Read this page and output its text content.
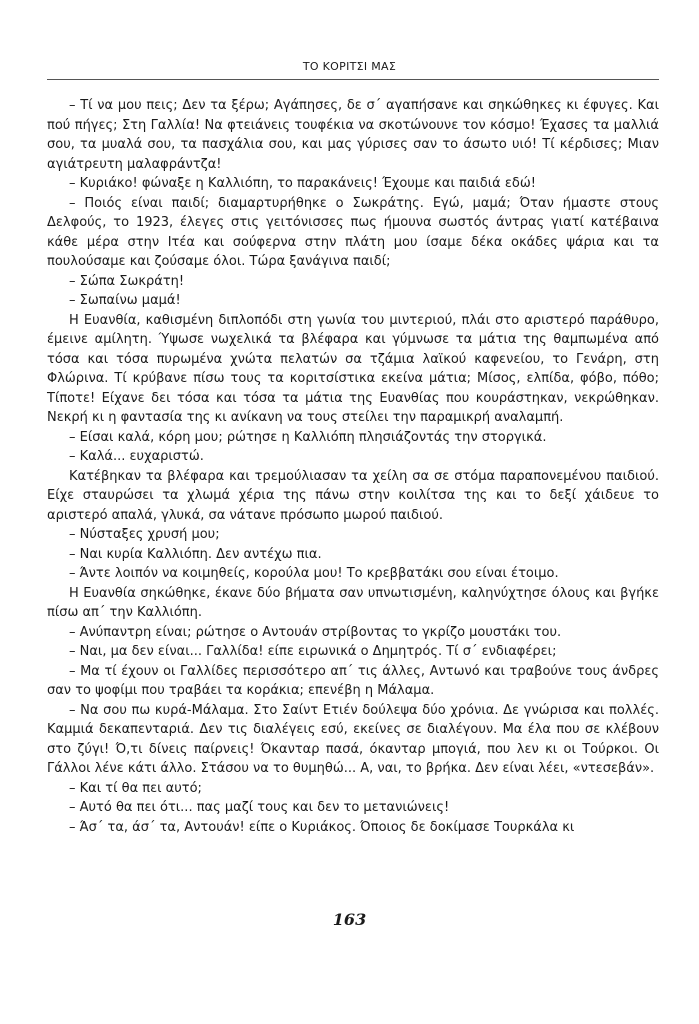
ΤΟ ΚΟΡΙΤΣΙ ΜΑΣ

– Τί να μου πεις; Δεν τα ξέρω; Αγάπησες, δε σ΄ αγαπήσανε και σηκώθηκες κι έφυγες. Και πού πήγες; Στη Γαλλία! Να φτειάνεις τουφέκια να σκοτώνουνε τον κόσμο! Έχασες τα μαλλιά σου, τα μυαλά σου, τα πασχάλια σου, και μας γύρισες σαν το άσωτο υιό! Τί κέρδισες; Μιαν αγιάτρευτη μαλαφράντζα!

– Κυριάκο! φώναξε η Καλλιόπη, το παρακάνεις! Έχουμε και παιδιά εδώ!

– Ποιός είναι παιδί; διαμαρτυρήθηκε ο Σωκράτης. Εγώ, μαμά; Όταν ήμαστε στους Δελφούς, το 1923, έλεγες στις γειτόνισσες πως ήμουνα σωστός άντρας γιατί κατέβαινα κάθε μέρα στην Ιτέα και σούφερνα στην πλάτη μου ίσαμε δέκα οκάδες ψάρια και τα πουλούσαμε και ζούσαμε όλοι. Τώρα ξανάγινα παιδί;

– Σώπα Σωκράτη!

– Σωπαίνω μαμά!

Η Ευανθία, καθισμένη διπλοπόδι στη γωνία του μιντεριού, πλάι στο αριστερό παράθυρο, έμεινε αμίλητη. Ύψωσε νωχελικά τα βλέφαρα και γύμνωσε τα μάτια της θαμπωμένα από τόσα και τόσα πυρωμένα χνώτα πελατών σα τζάμια λαϊκού καφενείου, το Γενάρη, στη Φλώρινα. Τί κρύβανε πίσω τους τα κοριτσίστικα εκείνα μάτια; Μίσος, ελπίδα, φόβο, πόθο; Τίποτε! Είχανε δει τόσα και τόσα τα μάτια της Ευανθίας που κουράστηκαν, νεκρώθηκαν. Νεκρή κι η φαντασία της κι ανίκανη να τους στείλει την παραμικρή αναλαμπή.

– Είσαι καλά, κόρη μου; ρώτησε η Καλλιόπη πλησιάζοντάς την στοργικά.

– Καλά... ευχαριστώ.

Κατέβηκαν τα βλέφαρα και τρεμούλιασαν τα χείλη σα σε στόμα παραπονεμένου παιδιού. Είχε σταυρώσει τα χλωμά χέρια της πάνω στην κοιλίτσα της και το δεξί χάιδευε το αριστερό απαλά, γλυκά, σα νάτανε πρόσωπο μωρού παιδιού.

– Νύσταξες χρυσή μου;

– Ναι κυρία Καλλιόπη. Δεν αντέχω πια.

– Άντε λοιπόν να κοιμηθείς, κορούλα μου! Το κρεββατάκι σου είναι έτοιμο.

Η Ευανθία σηκώθηκε, έκανε δύο βήματα σαν υπνωτισμένη, καληνύχτησε όλους και βγήκε πίσω απ΄ την Καλλιόπη.

– Ανύπαντρη είναι; ρώτησε ο Αντουάν στρίβοντας το γκρίζο μουστάκι του.

– Ναι, μα δεν είναι... Γαλλίδα! είπε ειρωνικά ο Δημητρός. Τί σ΄ ενδιαφέρει;

– Μα τί έχουν οι Γαλλίδες περισσότερο απ΄ τις άλλες, Αντωνό και τραβούνε τους άνδρες σαν το ψοφίμι που τραβάει τα κοράκια; επενέβη η Μάλαμα.

– Να σου πω κυρά-Μάλαμα. Στο Σαίντ Ετιέν δούλεψα δύο χρόνια. Δε γνώρισα και πολλές. Καμμιά δεκαπενταριά. Δεν τις διαλέγεις εσύ, εκείνες σε διαλέγουν. Μα έλα που σε κλέβουν στο ζύγι! Ό,τι δίνεις παίρνεις! Όκανταρ πασά, όκανταρ μπογιά, που λεν κι οι Τούρκοι. Οι Γάλλοι λένε κάτι άλλο. Στάσου να το θυμηθώ... Α, ναι, το βρήκα. Δεν είναι λέει, «ντεσεβάν».

– Και τί θα πει αυτό;

– Αυτό θα πει ότι... πας μαζί τους και δεν το μετανιώνεις!

– Άσ΄ τα, άσ΄ τα, Αντουάν! είπε ο Κυριάκος. Όποιος δε δοκίμασε Τουρκάλα κι

163
